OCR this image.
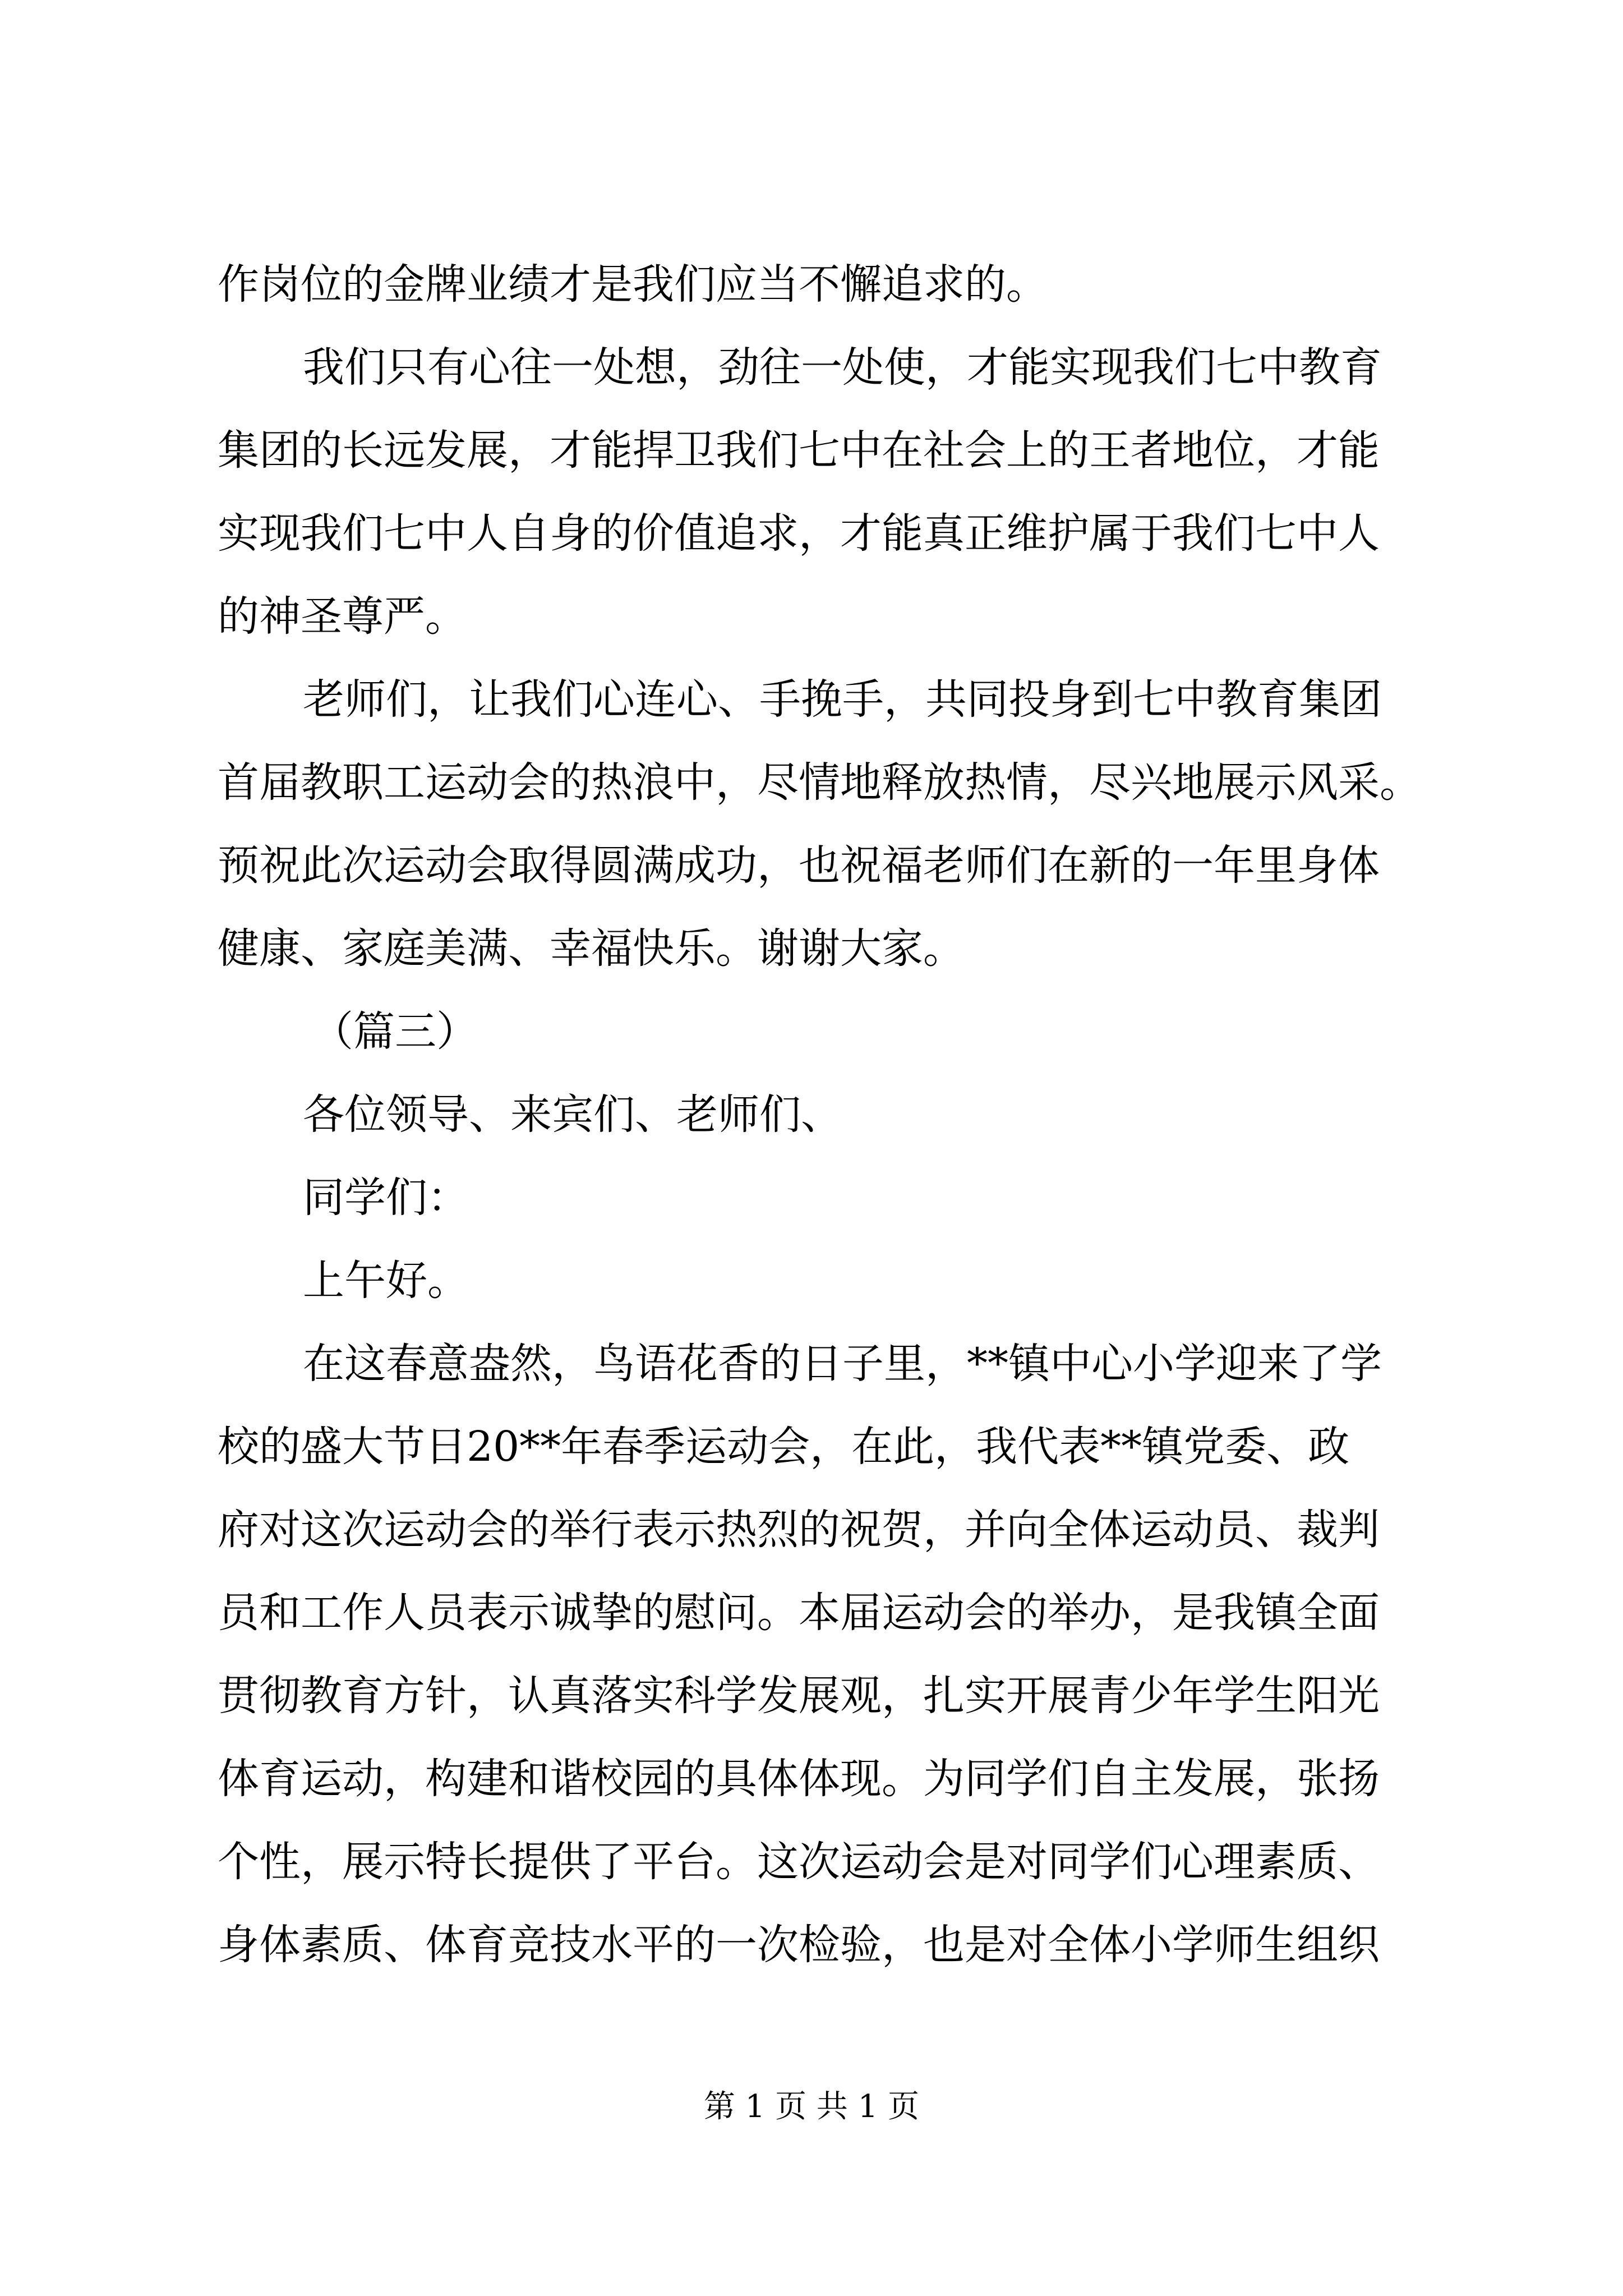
作岗位的金牌业绩才是我们应当不懈追求的。
我们只有心往一处想，劲往一处使，才能实现我们七中教育
集团的长远发展，才能捍卫我们七中在社会上的王者地位，才能
实现我们七中人自身的价值追求，才能真正维护属于我们七中人
的神圣尊严。
老师们，让我们心连心、手挽手，共同投身到七中教育集团
首届教职工运动会的热浪中，尽情地释放热情，尽兴地展示风采。
预祝此次运动会取得圆满成功，也祝福老师们在新的一年里身体
健康、家庭美满、幸福快乐。谢谢大家。
（篇三）
各位领导、来宾们、老师们、
同学们：
上午好。
在这春意盎然，鸟语花香的日子里，**镇中心小学迎来了学
校的盛大节日20**年春季运动会，在此，我代表**镇党委、政
府对这次运动会的举行表示热烈的祝贺，并向全体运动员、裁判
员和工作人员表示诚挚的慰问。本届运动会的举办，是我镇全面
贯彻教育方针，认真落实科学发展观，扎实开展青少年学生阳光
体育运动，构建和谐校园的具体体现。为同学们自主发展，张扬
个性，展示特长提供了平台。这次运动会是对同学们心理素质、
身体素质、体育竞技水平的一次检验，也是对全体小学师生组织
第 1 页 共 1 页
